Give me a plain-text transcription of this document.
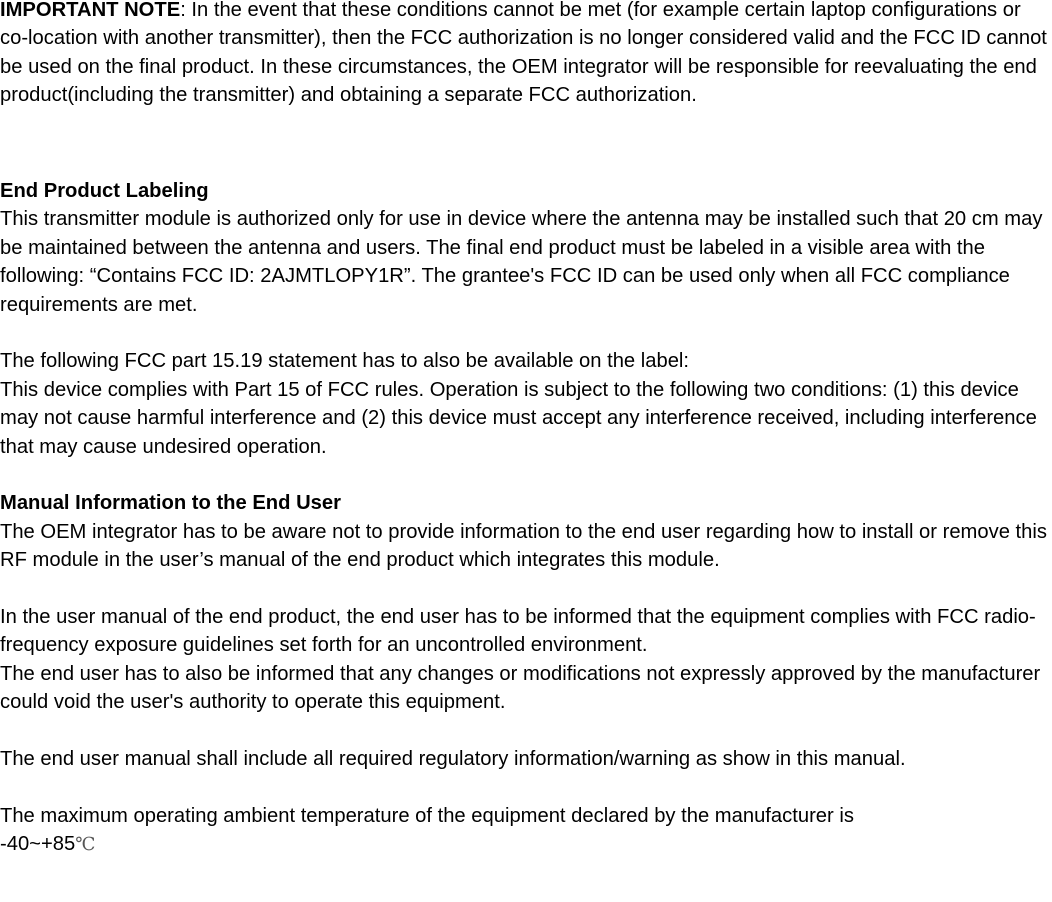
IMPORTANT NOTE: In the event that these conditions cannot be met (for example certain laptop configurations or co-location with another transmitter), then the FCC authorization is no longer considered valid and the FCC ID cannot be used on the final product. In these circumstances, the OEM integrator will be responsible for reevaluating the end product(including the transmitter) and obtaining a separate FCC authorization.

End Product Labeling

This transmitter module is authorized only for use in device where the antenna may be installed such that 20 cm may be maintained between the antenna and users. The final end product must be labeled in a visible area with the following: “Contains FCC ID: 2AJMTLOPY1R”. The grantee's FCC ID can be used only when all FCC compliance requirements are met.

The following FCC part 15.19 statement has to also be available on the label:

This device complies with Part 15 of FCC rules. Operation is subject to the following two conditions: (1) this device may not cause harmful interference and (2) this device must accept any interference received, including interference that may cause undesired operation.

Manual Information to the End User

The OEM integrator has to be aware not to provide information to the end user regarding how to install or remove this RF module in the user’s manual of the end product which integrates this module.

In the user manual of the end product, the end user has to be informed that the equipment complies with FCC radio-frequency exposure guidelines set forth for an uncontrolled environment.

The end user has to also be informed that any changes or modifications not expressly approved by the manufacturer could void the user's authority to operate this equipment.

The end user manual shall include all required regulatory information/warning as show in this manual.

The maximum operating ambient temperature of the equipment declared by the manufacturer is

-40~+85℃
